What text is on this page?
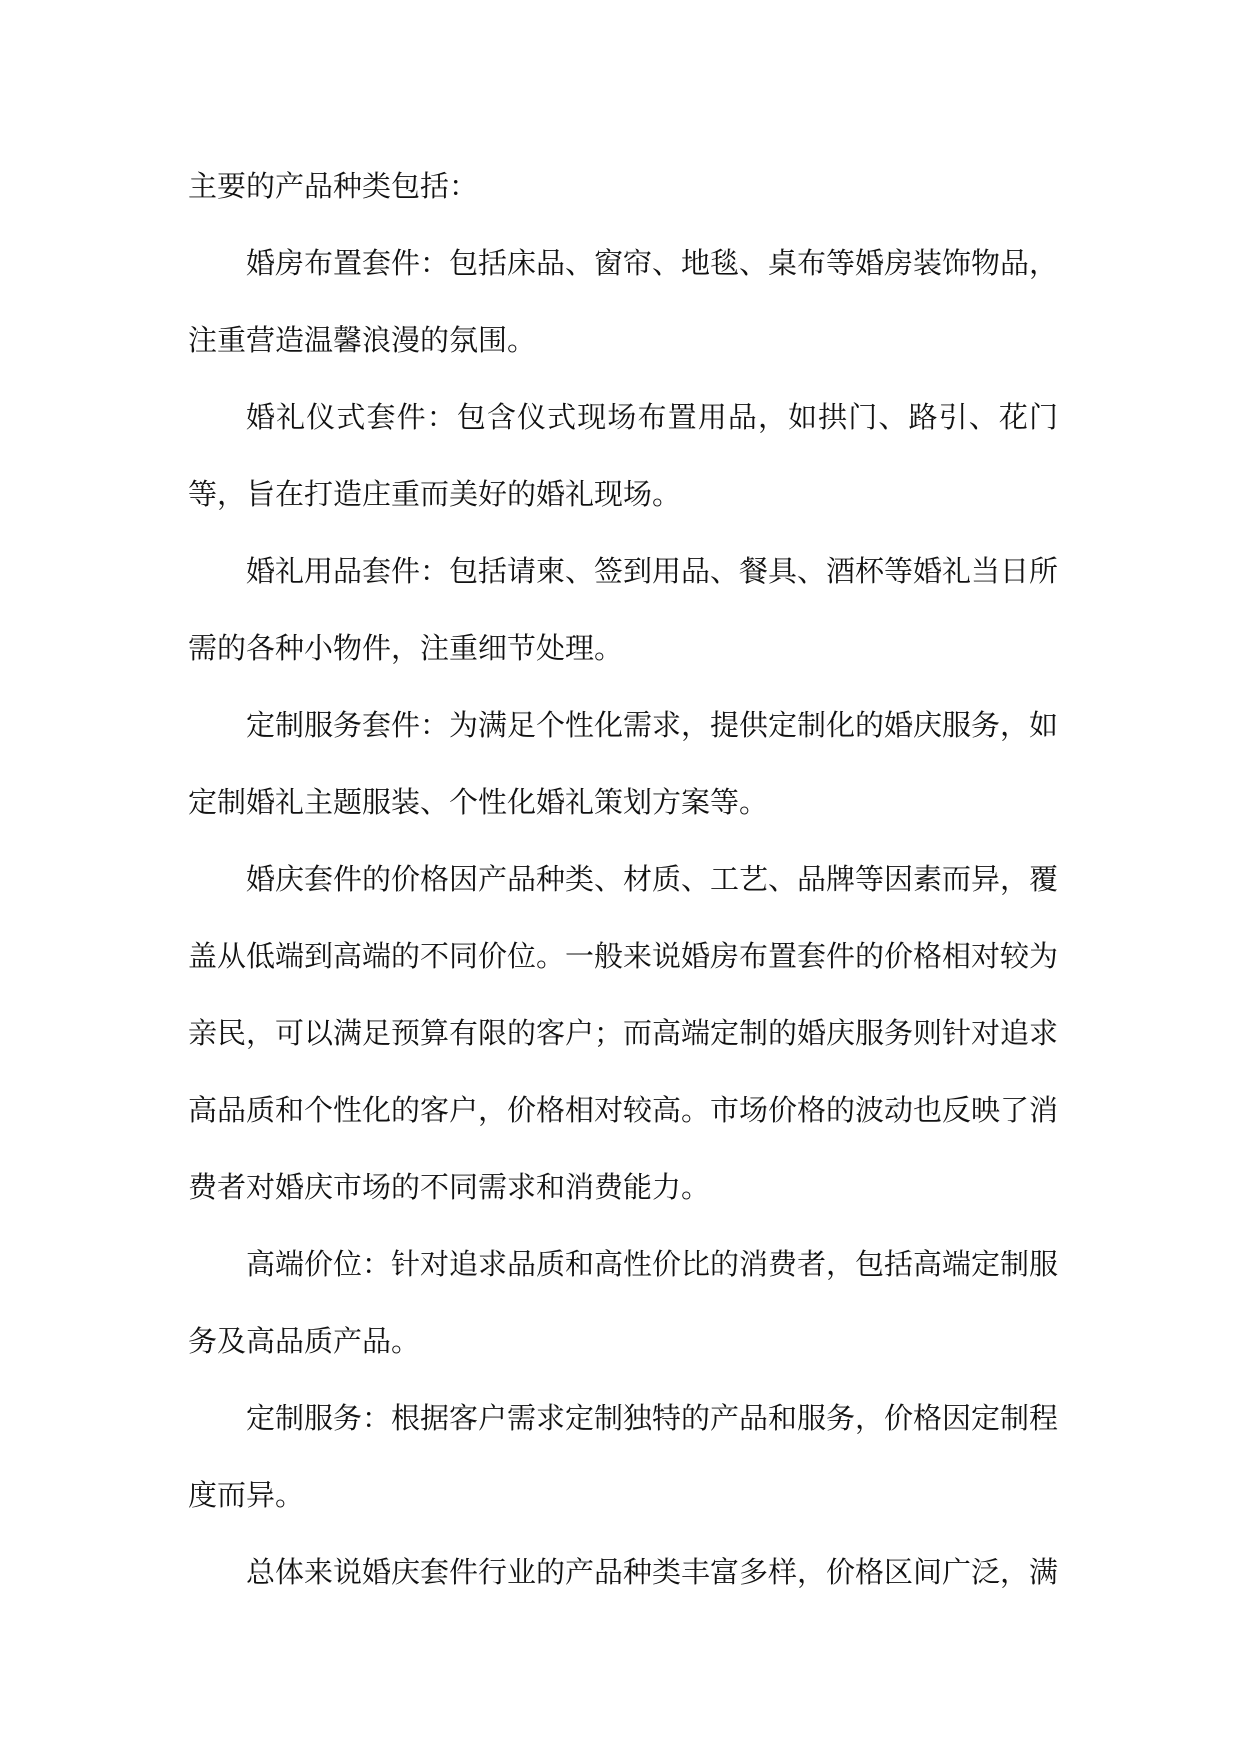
主要的产品种类包括：

婚房布置套件：包括床品、窗帘、地毯、桌布等婚房装饰物品，注重营造温馨浪漫的氛围。

婚礼仪式套件：包含仪式现场布置用品，如拱门、路引、花门等，旨在打造庄重而美好的婚礼现场。

婚礼用品套件：包括请柬、签到用品、餐具、酒杯等婚礼当日所需的各种小物件，注重细节处理。

定制服务套件：为满足个性化需求，提供定制化的婚庆服务，如定制婚礼主题服装、个性化婚礼策划方案等。

婚庆套件的价格因产品种类、材质、工艺、品牌等因素而异，覆盖从低端到高端的不同价位。一般来说婚房布置套件的价格相对较为亲民，可以满足预算有限的客户；而高端定制的婚庆服务则针对追求高品质和个性化的客户，价格相对较高。市场价格的波动也反映了消费者对婚庆市场的不同需求和消费能力。

高端价位：针对追求品质和高性价比的消费者，包括高端定制服务及高品质产品。

定制服务：根据客户需求定制独特的产品和服务，价格因定制程度而异。

总体来说婚庆套件行业的产品种类丰富多样，价格区间广泛，满
